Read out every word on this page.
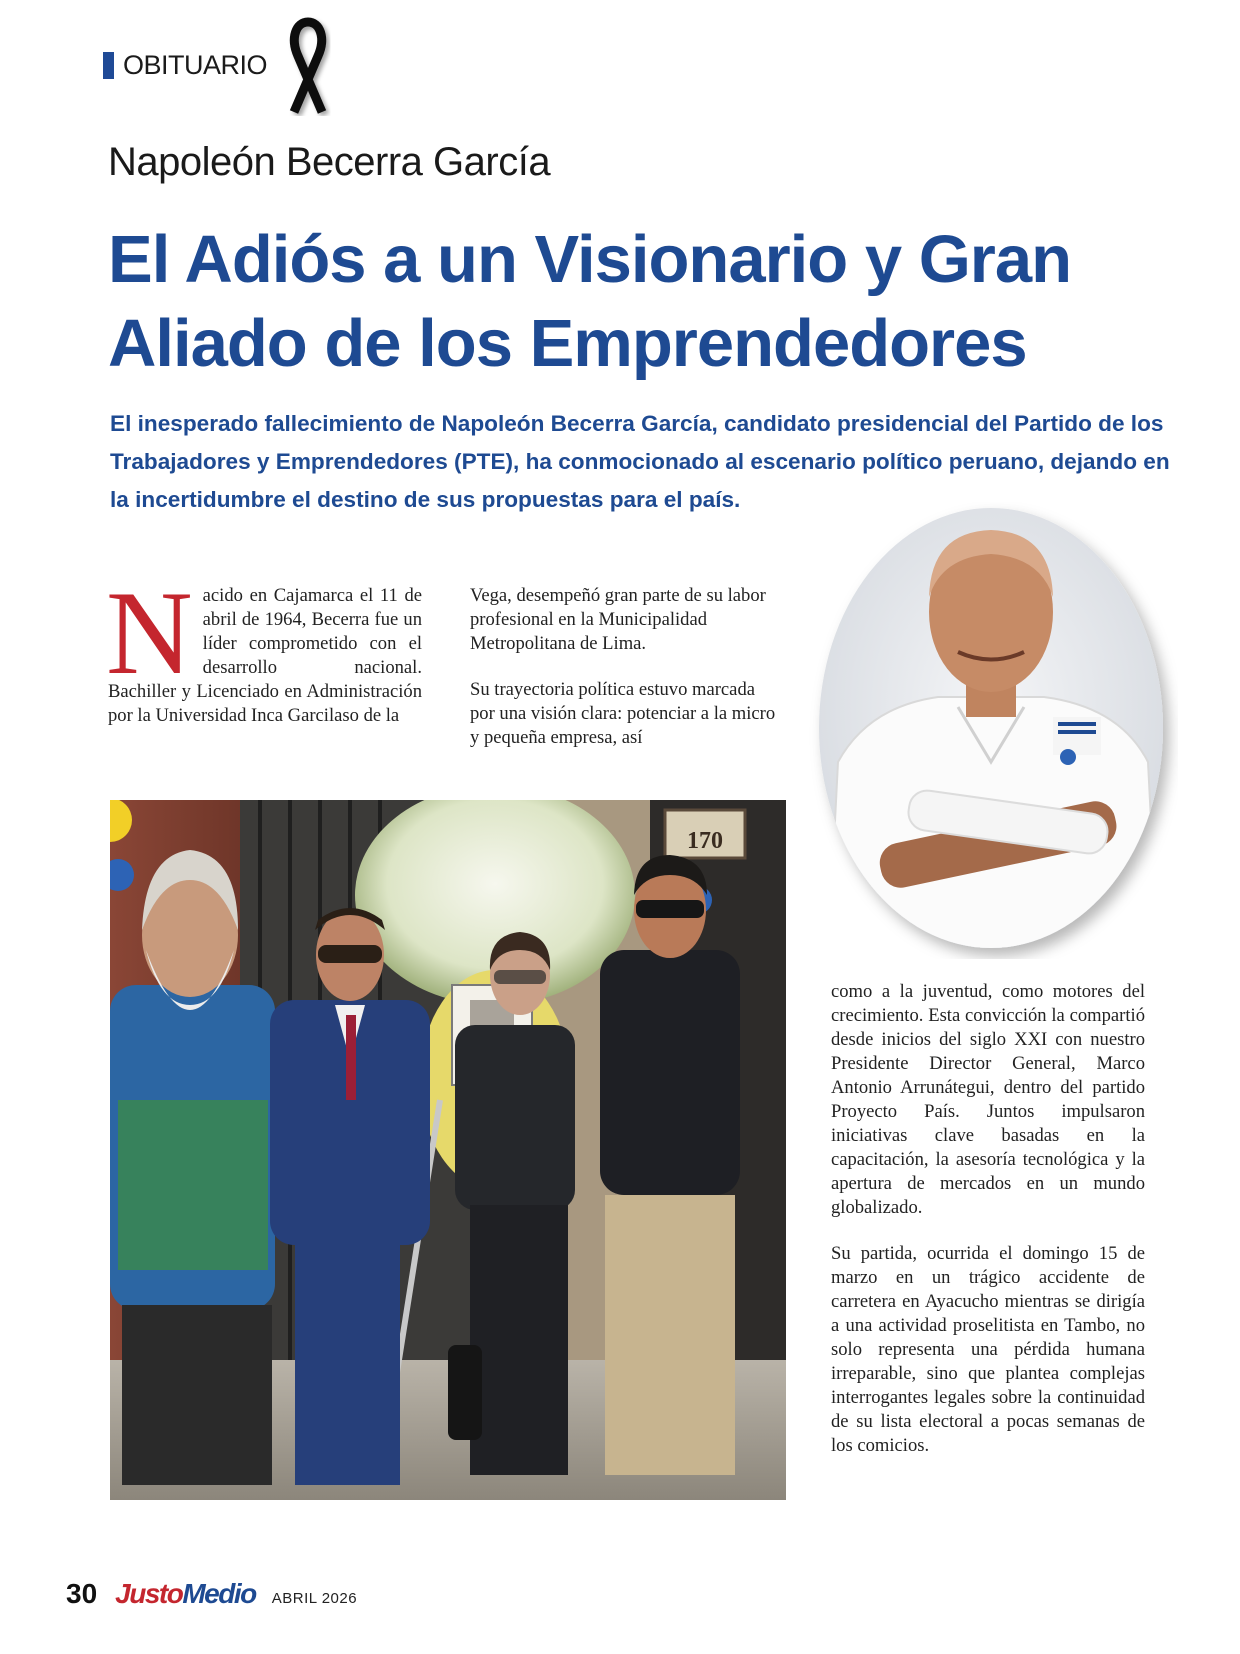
OBITUARIO
Napoleón Becerra García
El Adiós a un Visionario y Gran
Aliado de los Emprendedores
El inesperado fallecimiento de Napoleón Becerra García, candidato presidencial del Partido de los Trabajadores y Emprendedores (PTE), ha conmocionado al escenario político peruano, dejando en la incertidumbre el destino de sus propuestas para el país.
N acido en Cajamarca el 11 de abril de 1964, Becerra fue un líder comprometido con el desarrollo nacional. Bachiller y Licenciado en Administración por la Universidad Inca Garcilaso de la

Vega, desempeñó gran parte de su labor profesional en la Municipalidad Metropolitana de Lima.

Su trayectoria política estuvo marcada por una visión clara: potenciar a la micro y pequeña empresa, así

170

como a la juventud, como motores del crecimiento. Esta convicción la compartió desde inicios del siglo XXI con nuestro Presidente Director General, Marco Antonio Arrunátegui, dentro del partido Proyecto País. Juntos impulsaron iniciativas clave basadas en la capacitación, la asesoría tecnológica y la apertura de mercados en un mundo globalizado.

Su partida, ocurrida el domingo 15 de marzo en un trágico accidente de carretera en Ayacucho mientras se dirigía a una actividad proselitista en Tambo, no solo representa una pérdida humana irreparable, sino que plantea complejas interrogantes legales sobre la continuidad de su lista electoral a pocas semanas de los comicios.

30 Justo Medio ABRIL 2026
